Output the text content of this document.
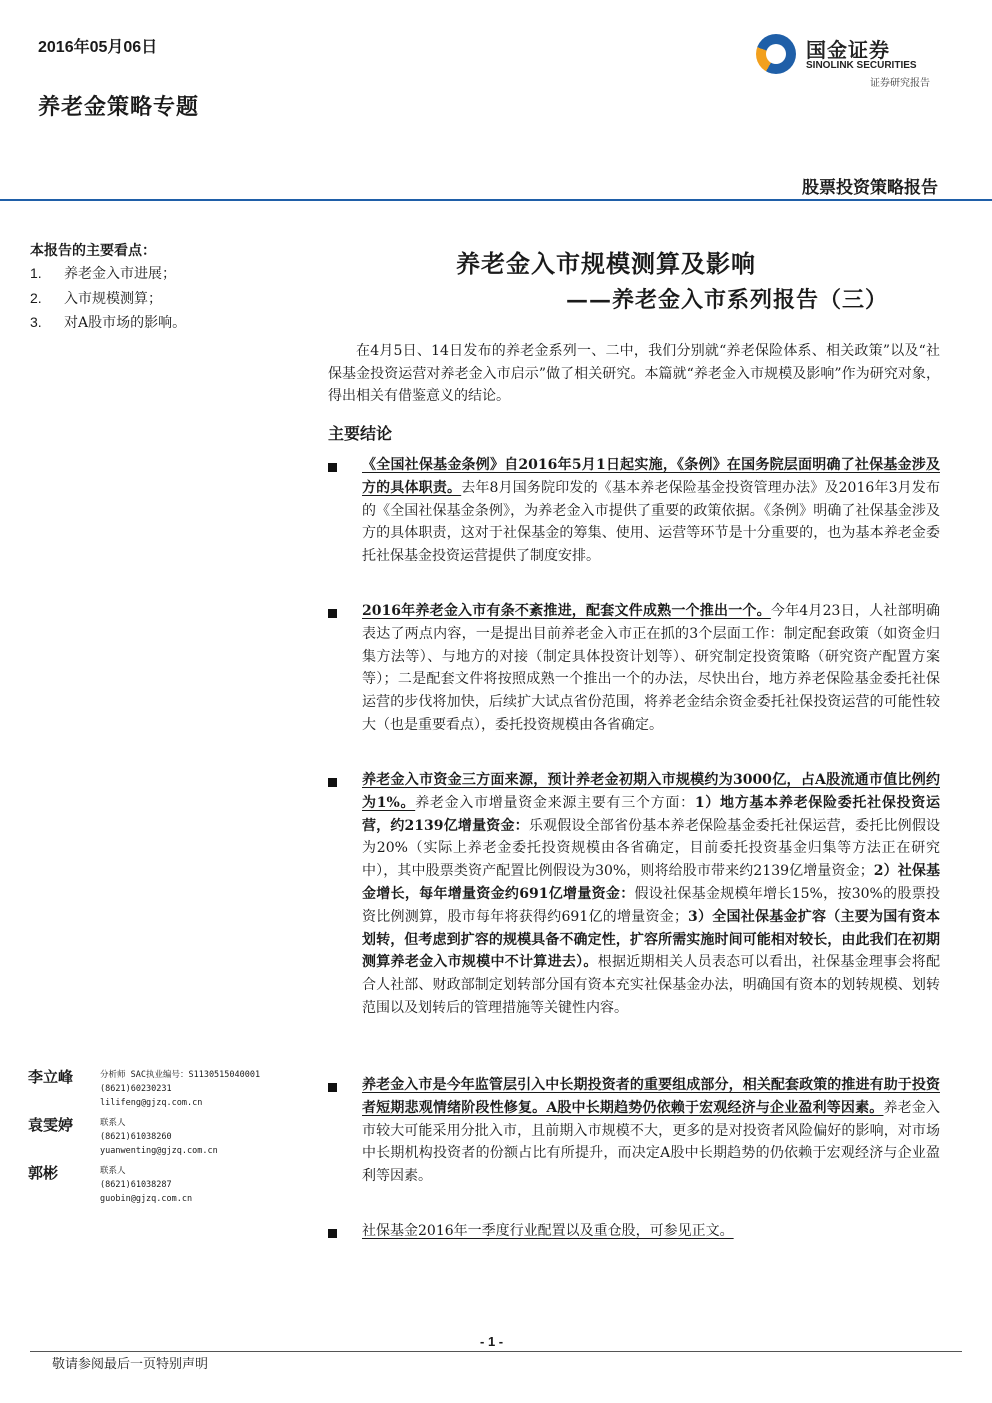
2016年05月06日
养老金策略专题
国金证券
SINOLINK SECURITIES
证券研究报告
股票投资策略报告
本报告的主要看点：
1. 养老金入市进展；
2. 入市规模测算；
3. 对A股市场的影响。
养老金入市规模测算及影响
——养老金入市系列报告（三）

在4月5日、14日发布的养老金系列一、二中，我们分别就“养老保险体系、相关政策”以及“社保基金投资运营对养老金入市启示”做了相关研究。本篇就“养老金入市规模及影响”作为研究对象，得出相关有借鉴意义的结论。

主要结论
《全国社保基金条例》自2016年5月1日起实施，《条例》在国务院层面明确了社保基金涉及方的具体职责。去年8月国务院印发的《基本养老保险基金投资管理办法》及2016年3月发布的《全国社保基金条例》，为养老金入市提供了重要的政策依据。《条例》明确了社保基金涉及方的具体职责，这对于社保基金的筹集、使用、运营等环节是十分重要的，也为基本养老金委托社保基金投资运营提供了制度安排。
2016年养老金入市有条不紊推进，配套文件成熟一个推出一个。今年4月23日，人社部明确表达了两点内容，一是提出目前养老金入市正在抓的3个层面工作：制定配套政策（如资金归集方法等）、与地方的对接（制定具体投资计划等）、研究制定投资策略（研究资产配置方案等）；二是配套文件将按照成熟一个推出一个的办法，尽快出台，地方养老保险基金委托社保运营的步伐将加快，后续扩大试点省份范围，将养老金结余资金委托社保投资运营的可能性较大（也是重要看点），委托投资规模由各省确定。
养老金入市资金三方面来源，预计养老金初期入市规模约为3000亿，占A股流通市值比例约为1%。养老金入市增量资金来源主要有三个方面：1）地方基本养老保险委托社保投资运营，约2139亿增量资金：乐观假设全部省份基本养老保险基金委托社保运营，委托比例假设为20%（实际上养老金委托投资规模由各省确定，目前委托投资基金归集等方法正在研究中），其中股票类资产配置比例假设为30%，则将给股市带来约2139亿增量资金；2）社保基金增长，每年增量资金约691亿增量资金：假设社保基金规模年增长15%，按30%的股票投资比例测算，股市每年将获得约691亿的增量资金；3）全国社保基金扩容（主要为国有资本划转，但考虑到扩容的规模具备不确定性，扩容所需实施时间可能相对较长，由此我们在初期测算养老金入市规模中不计算进去）。根据近期相关人员表态可以看出，社保基金理事会将配合人社部、财政部制定划转部分国有资本充实社保基金办法，明确国有资本的划转规模、划转范围以及划转后的管理措施等关键性内容。
养老金入市是今年监管层引入中长期投资者的重要组成部分，相关配套政策的推进有助于投资者短期悲观情绪阶段性修复。A股中长期趋势仍依赖于宏观经济与企业盈利等因素。养老金入市较大可能采用分批入市，且前期入市规模不大，更多的是对投资者风险偏好的影响，对市场中长期机构投资者的份额占比有所提升，而决定A股中长期趋势的仍依赖于宏观经济与企业盈利等因素。
社保基金2016年一季度行业配置以及重仓股，可参见正文。
李立峰	分析师 SAC执业编号：S1130515040001
(8621)60230231
lilifeng@gjzq.com.cn
袁雯婷	联系人
(8621)61038260
yuanwenting@gjzq.com.cn
郭彬	联系人
(8621)61038287
guobin@gjzq.com.cn
- 1 -
敬请参阅最后一页特别声明
